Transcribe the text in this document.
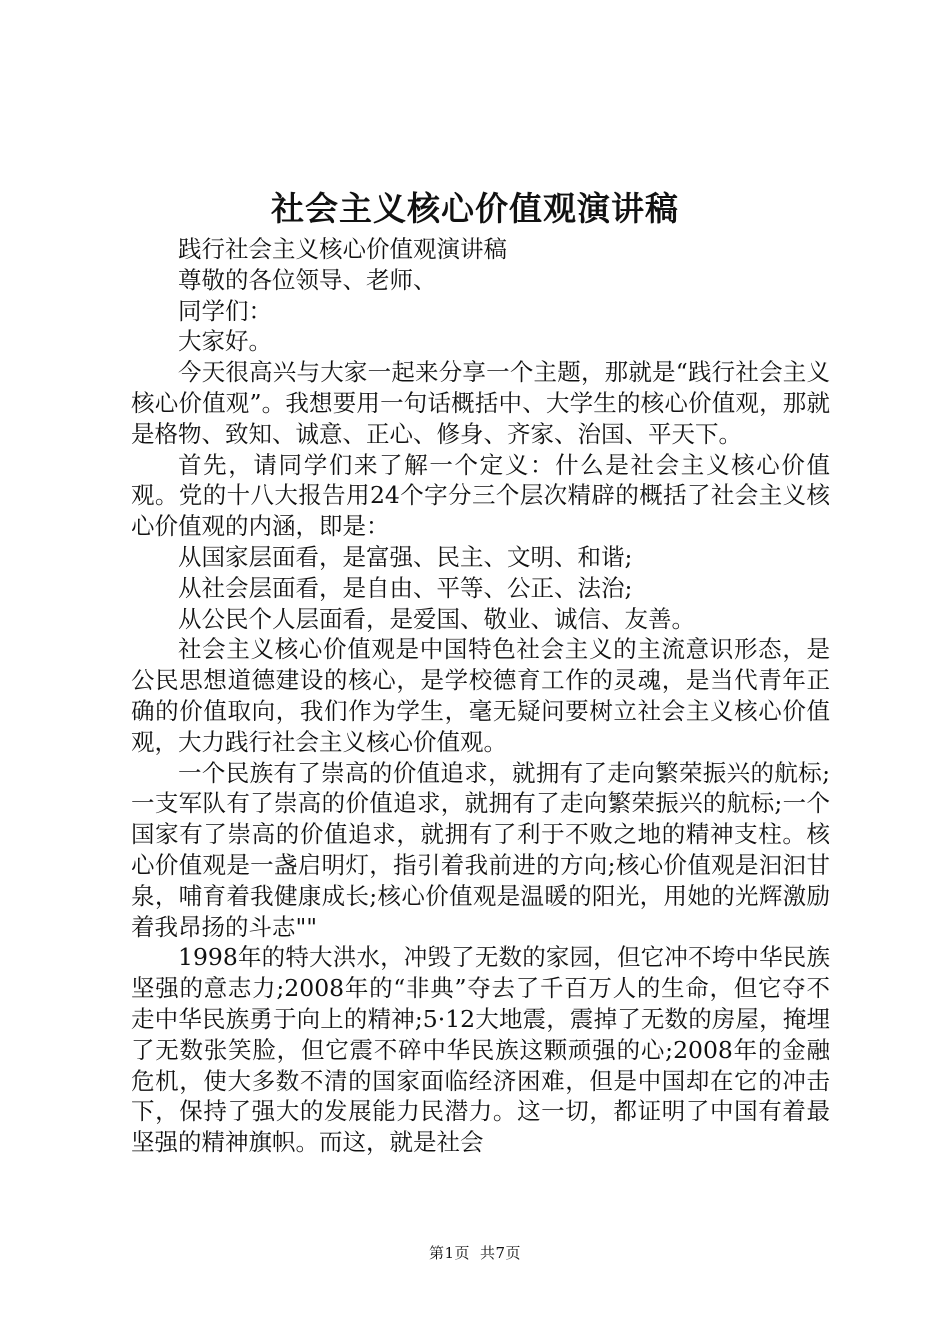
社会主义核心价值观演讲稿

践行社会主义核心价值观演讲稿

尊敬的各位领导、老师、

同学们：

大家好。

今天很高兴与大家一起来分享一个主题，那就是“践行社会主义核心价值观”。我想要用一句话概括中、大学生的核心价值观，那就是格物、致知、诚意、正心、修身、齐家、治国、平天下。

首先，请同学们来了解一个定义：什么是社会主义核心价值观。党的十八大报告用24个字分三个层次精辟的概括了社会主义核心价值观的内涵，即是：

从国家层面看，是富强、民主、文明、和谐;

从社会层面看，是自由、平等、公正、法治;

从公民个人层面看，是爱国、敬业、诚信、友善。

社会主义核心价值观是中国特色社会主义的主流意识形态，是公民思想道德建设的核心，是学校德育工作的灵魂，是当代青年正确的价值取向，我们作为学生，毫无疑问要树立社会主义核心价值观，大力践行社会主义核心价值观。

一个民族有了崇高的价值追求，就拥有了走向繁荣振兴的航标;一支军队有了崇高的价值追求，就拥有了走向繁荣振兴的航标;一个国家有了崇高的价值追求，就拥有了利于不败之地的精神支柱。核心价值观是一盏启明灯，指引着我前进的方向;核心价值观是汩汩甘泉，哺育着我健康成长;核心价值观是温暖的阳光，用她的光辉激励着我昂扬的斗志""

1998年的特大洪水，冲毁了无数的家园，但它冲不垮中华民族坚强的意志力;2008年的“非典”夺去了千百万人的生命，但它夺不走中华民族勇于向上的精神;5·12大地震，震掉了无数的房屋，掩埋了无数张笑脸，但它震不碎中华民族这颗顽强的心;2008年的金融危机，使大多数不清的国家面临经济困难，但是中国却在它的冲击下，保持了强大的发展能力民潜力。这一切，都证明了中国有着最坚强的精神旗帜。而这，就是社会

第1页 共7页
